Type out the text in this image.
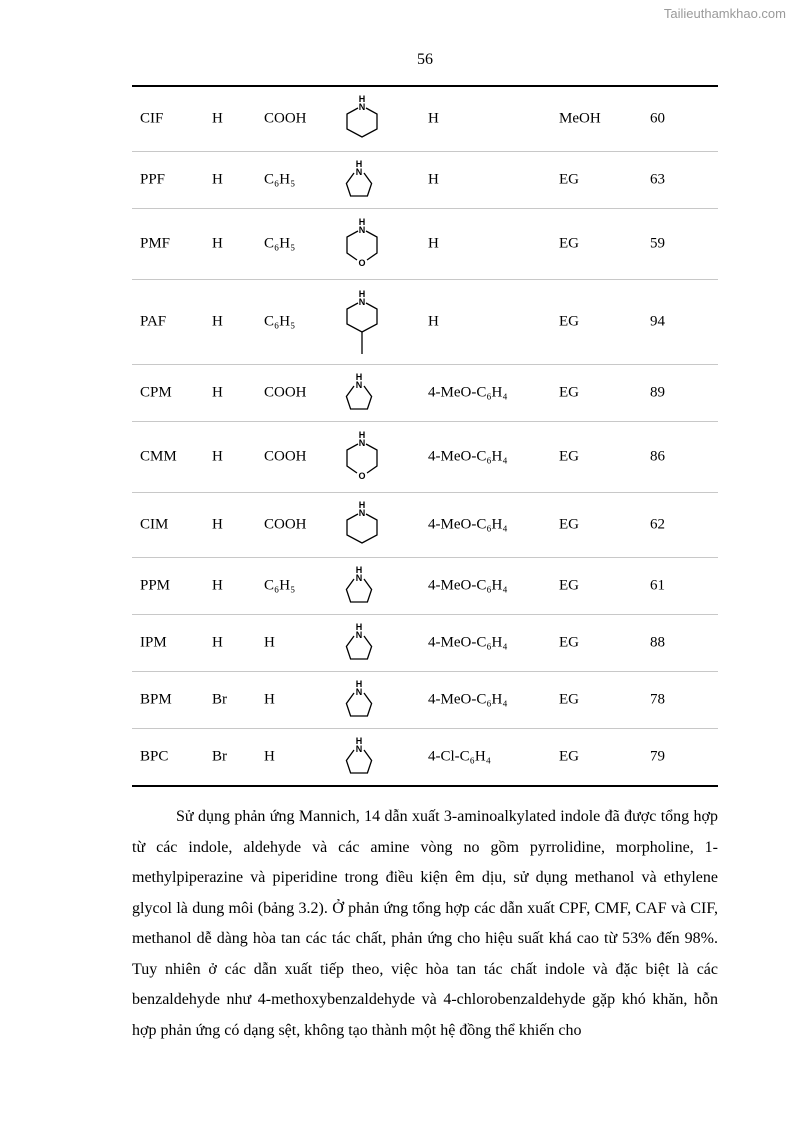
Tailieuthamkhao.com
56
CIF	H	COOH	H	MeOH	60
H
N
PPF	H	C₆H₅	H	EG	63
H
N
PMF	H	C₆H₅	H	EG	59
H
N
O
PAF	H	C₆H₅	H	EG	94
H
N
CPM	H	COOH	4-MeO-C₆H₄	EG	89
H
N
CMM H	COOH	4-MeO-C₆H₄	EG	86
H
N
O
CIM	H	COOH	4-MeO-C₆H₄	EG	62
H
N
PPM	H	C₆H₅	4-MeO-C₆H₄	EG	61
H
N
IPM	H	H	4-MeO-C₆H₄	EG	88
H
N
BPM	Br H	4-MeO-C₆H₄	EG	78
H
N
BPC	Br H	4-Cl-C₆H₄	EG	79
H
N

Sử dụng phản ứng Mannich, 14 dẫn xuất 3-aminoalkylated indole đã được tổng hợp từ các indole, aldehyde và các amine vòng no gồm pyrrolidine, morpholine, 1-methylpiperazine và piperidine trong điều kiện êm dịu, sử dụng methanol và ethylene glycol là dung môi (bảng 3.2). Ở phản ứng tổng hợp các dẫn xuất CPF, CMF, CAF và CIF, methanol dễ dàng hòa tan các tác chất, phản ứng cho hiệu suất khá cao từ 53% đến 98%. Tuy nhiên ở các dẫn xuất tiếp theo, việc hòa tan tác chất indole và đặc biệt là các benzaldehyde như 4-methoxybenzaldehyde và 4-chlorobenzaldehyde gặp khó khăn, hỗn hợp phản ứng có dạng sệt, không tạo thành một hệ đồng thể khiến cho
